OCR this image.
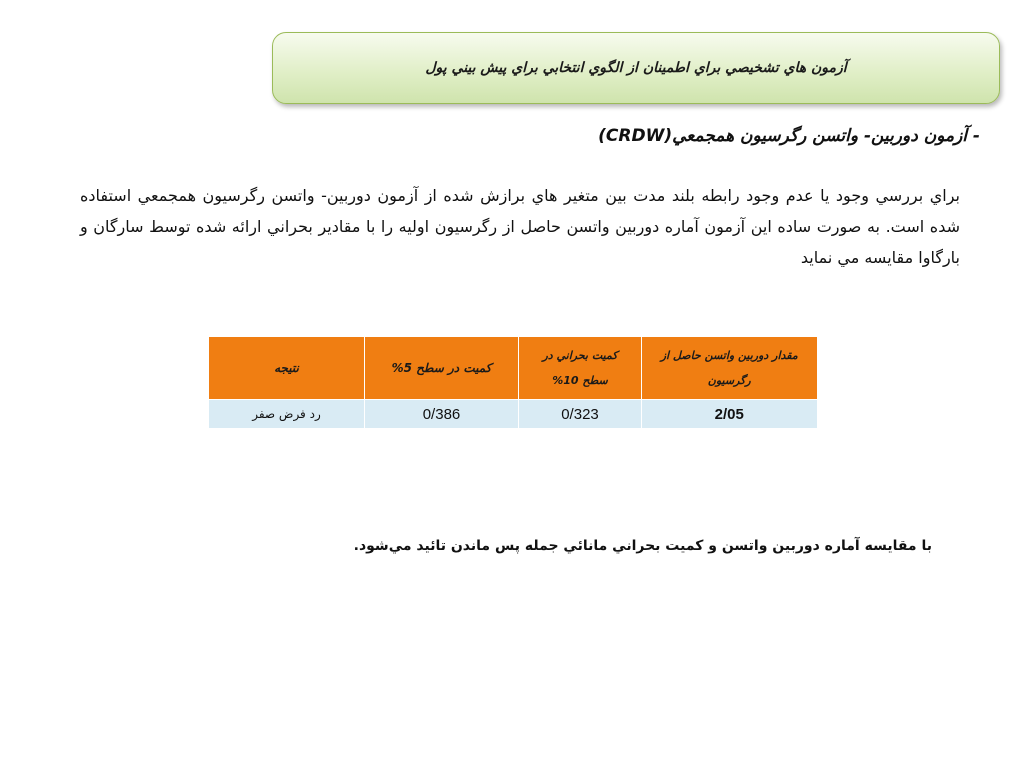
آزمون هاي تشخيصي براي اطمينان از الگوي انتخابي براي پيش بيني پول
- آزمون دوربين- واتسن رگرسيون همجمعي(CRDW)
براي بررسي وجود يا عدم وجود رابطه بلند مدت بين متغير هاي برازش شده از آزمون دوربين- واتسن رگرسيون همجمعي استفاده شده است. به صورت ساده اين آزمون آماره دوربين واتسن حاصل از رگرسيون اوليه را با مقادير بحراني ارائه شده توسط سارگان و بارگاوا مقايسه مي نمايد
مقدار دوربين واتسن حاصل از رگرسيون	كميت بحراني در سطح 10%	كميت در سطح 5%	نتيجه
2/05	0/323	0/386	رد فرض صفر
با مقايسه آماره دوربين واتسن و كميت بحراني مانائي جمله پس ماندن تائيد مي‌شود.
